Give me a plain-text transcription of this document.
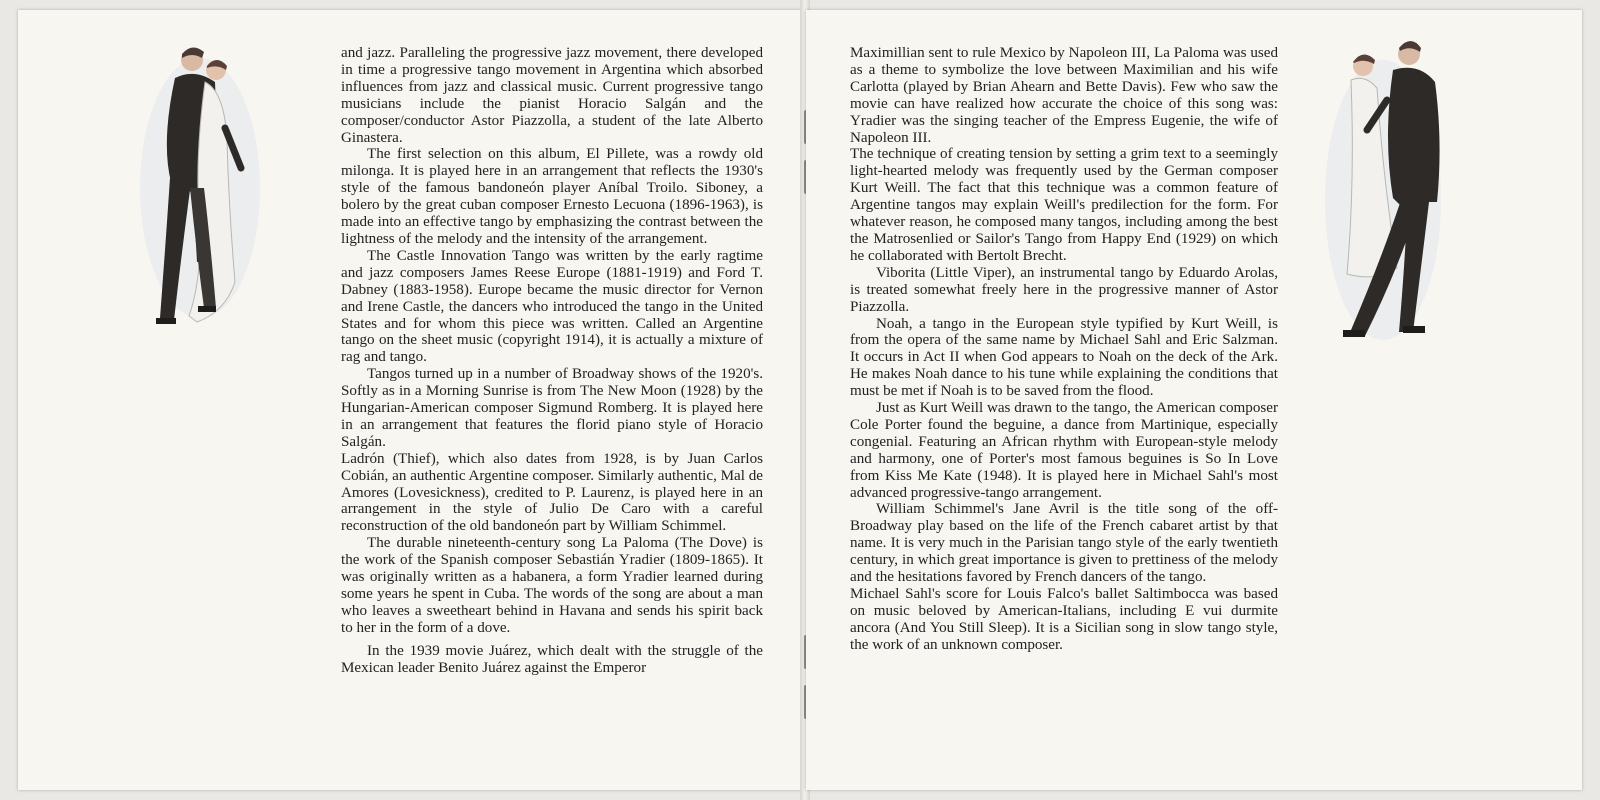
and jazz. Paralleling the progressive jazz movement, there developed in time a progressive tango movement in Argentina which absorbed influences from jazz and classical music. Current progressive tango musicians include the pianist Horacio Salgán and the composer/conductor Astor Piazzolla, a student of the late Alberto Ginastera.

The first selection on this album, El Pillete, was a rowdy old milonga. It is played here in an arrangement that reflects the 1930's style of the famous bandoneón player Aníbal Troilo. Siboney, a bolero by the great cuban composer Ernesto Lecuona (1896-1963), is made into an effective tango by emphasizing the contrast between the lightness of the melody and the intensity of the arrangement.

The Castle Innovation Tango was written by the early ragtime and jazz composers James Reese Europe (1881-1919) and Ford T. Dabney (1883-1958). Europe became the music director for Vernon and Irene Castle, the dancers who introduced the tango in the United States and for whom this piece was written. Called an Argentine tango on the sheet music (copyright 1914), it is actually a mixture of rag and tango.

Tangos turned up in a number of Broadway shows of the 1920's. Softly as in a Morning Sunrise is from The New Moon (1928) by the Hungarian-American composer Sigmund Romberg. It is played here in an arrangement that features the florid piano style of Horacio Salgán.

Ladrón (Thief), which also dates from 1928, is by Juan Carlos Cobián, an authentic Argentine composer. Similarly authentic, Mal de Amores (Lovesickness), credited to P. Laurenz, is played here in an arrangement in the style of Julio De Caro with a careful reconstruction of the old bandoneón part by William Schimmel.

The durable nineteenth-century song La Paloma (The Dove) is the work of the Spanish composer Sebastián Yradier (1809-1865). It was originally written as a habanera, a form Yradier learned during some years he spent in Cuba. The words of the song are about a man who leaves a sweetheart behind in Havana and sends his spirit back to her in the form of a dove.

In the 1939 movie Juárez, which dealt with the struggle of the Mexican leader Benito Juárez against the Emperor

Maximillian sent to rule Mexico by Napoleon III, La Paloma was used as a theme to symbolize the love between Maximilian and his wife Carlotta (played by Brian Ahearn and Bette Davis). Few who saw the movie can have realized how accurate the choice of this song was: Yradier was the singing teacher of the Empress Eugenie, the wife of Napoleon III.

The technique of creating tension by setting a grim text to a seemingly light-hearted melody was frequently used by the German composer Kurt Weill. The fact that this technique was a common feature of Argentine tangos may explain Weill's predilection for the form. For whatever reason, he composed many tangos, including among the best the Matrosenlied or Sailor's Tango from Happy End (1929) on which he collaborated with Bertolt Brecht.

Viborita (Little Viper), an instrumental tango by Eduardo Arolas, is treated somewhat freely here in the progressive manner of Astor Piazzolla.

Noah, a tango in the European style typified by Kurt Weill, is from the opera of the same name by Michael Sahl and Eric Salzman. It occurs in Act II when God appears to Noah on the deck of the Ark. He makes Noah dance to his tune while explaining the conditions that must be met if Noah is to be saved from the flood.

Just as Kurt Weill was drawn to the tango, the American composer Cole Porter found the beguine, a dance from Martinique, especially congenial. Featuring an African rhythm with European-style melody and harmony, one of Porter's most famous beguines is So In Love from Kiss Me Kate (1948). It is played here in Michael Sahl's most advanced progressive-tango arrangement.

William Schimmel's Jane Avril is the title song of the off-Broadway play based on the life of the French cabaret artist by that name. It is very much in the Parisian tango style of the early twentieth century, in which great importance is given to prettiness of the melody and the hesitations favored by French dancers of the tango.

Michael Sahl's score for Louis Falco's ballet Saltimbocca was based on music beloved by American-Italians, including E vui durmite ancora (And You Still Sleep). It is a Sicilian song in slow tango style, the work of an unknown composer.
